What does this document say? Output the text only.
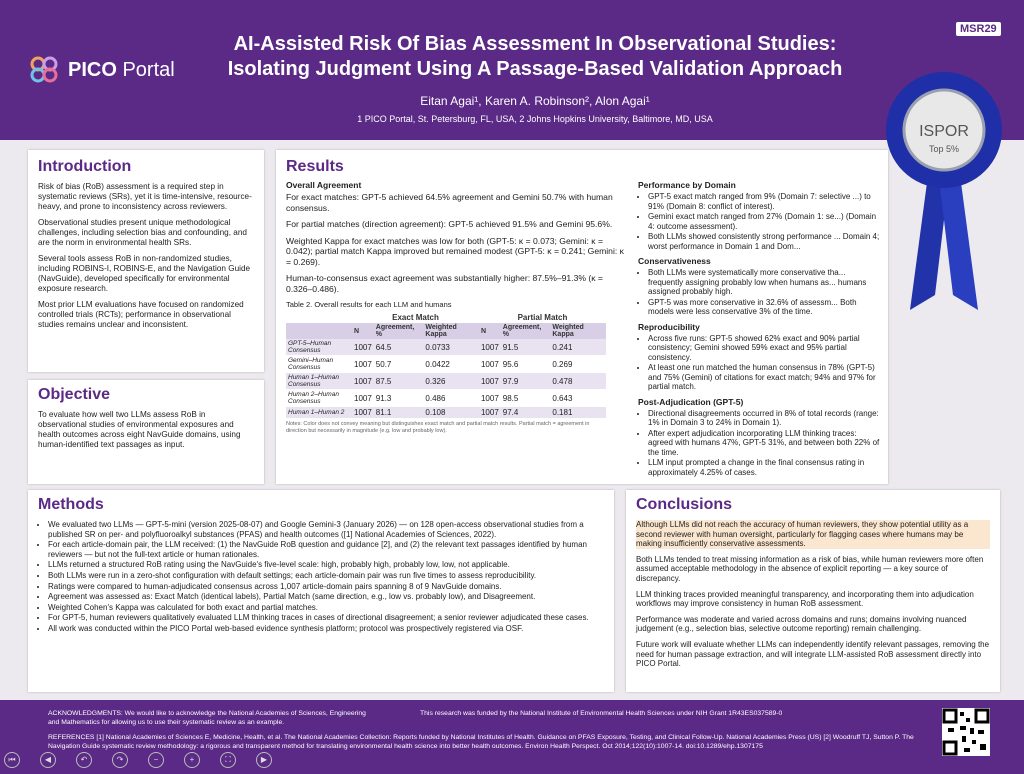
PICO Portal
AI-Assisted Risk Of Bias Assessment In Observational Studies:
Isolating Judgment Using A Passage-Based Validation Approach
Eitan Agai¹, Karen A. Robinson², Alon Agai¹
1 PICO Portal, St. Petersburg, FL, USA, 2 Johns Hopkins University, Baltimore, MD, USA
MSR29
ISPOR
Top 5%
Introduction

Risk of bias (RoB) assessment is a required step in systematic reviews (SRs), yet it is time-intensive, resource-heavy, and prone to inconsistency across reviewers.

Observational studies present unique methodological challenges, including selection bias and confounding, and are the norm in environmental health SRs.

Several tools assess RoB in non-randomized studies, including ROBINS-I, ROBINS-E, and the Navigation Guide (NavGuide), developed specifically for environmental exposure research.

Most prior LLM evaluations have focused on randomized controlled trials (RCTs); performance in observational studies remains unclear and inconsistent.

Objective
To evaluate how well two LLMs assess RoB in observational studies of environmental exposures and health outcomes across eight NavGuide domains, using human-identified text passages as input.
Results
Overall Agreement

For exact matches: GPT-5 achieved 64.5% agreement and Gemini 50.7% with human consensus.

For partial matches (direction agreement): GPT-5 achieved 91.5% and Gemini 95.6%.

Weighted Kappa for exact matches was low for both (GPT-5: κ = 0.073; Gemini: κ = 0.042); partial match Kappa improved but remained modest (GPT-5: κ = 0.241; Gemini: κ = 0.269).

Human-to-consensus exact agreement was substantially higher: 87.5%–91.3% (κ = 0.326–0.486).

Table 2. Overall results for each LLM and humans
	Exact Match			Partial Match		
	N	Agreement, %	Weighted Kappa	N	Agreement, %	Weighted Kappa
GPT-5–Human Consensus	1007	64.5	0.0733	1007	91.5	0.241
Gemini–Human Consensus	1007	50.7	0.0422	1007	95.6	0.269
Human 1–Human Consensus	1007	87.5	0.326	1007	97.9	0.478
Human 2–Human Consensus	1007	91.3	0.486	1007	98.5	0.643
Human 1–Human 2	1007	81.1	0.108	1007	97.4	0.181
Notes: Color does not convey meaning but distinguishes exact match and partial match results. Partial match = agreement in direction but necessarily in magnitude (e.g. low and probably low).
Performance by Domain
• GPT-5 exact match ranged from 9% (Domain 7: selective ...) to 91% (Domain 8: conflict of interest).
• Gemini exact match ranged from 27% (Domain 1: se...) (Domain 4: outcome assessment).
• Both LLMs showed consistently strong performance ... Domain 4; worst performance in Domain 1 and Dom...
Conservativeness
• Both LLMs were systematically more conservative tha... frequently assigning probably low when humans as... humans assigned probably high.
• GPT-5 was more conservative in 32.6% of assessm... Both models were less conservative 3% of the time.
Reproducibility
• Across five runs: GPT-5 showed 62% exact and 90% partial consistency; Gemini showed 59% exact and 95% partial consistency.
• At least one run matched the human consensus in 78% (GPT-5) and 75% (Gemini) of citations for exact match; 94% and 97% for partial match.
Post-Adjudication (GPT-5)
• Directional disagreements occurred in 8% of total records (range: 1% in Domain 3 to 24% in Domain 1).
• After expert adjudication incorporating LLM thinking traces: agreed with humans 47%, GPT-5 31%, and between both 22% of the time.
• LLM input prompted a change in the final consensus rating in approximately 4.25% of cases.
Methods
• We evaluated two LLMs — GPT-5-mini (version 2025-08-07) and Google Gemini-3 (January 2026) — on 128 open-access observational studies from a published SR on per- and polyfluoroalkyl substances (PFAS) and health outcomes ([1] National Academies of Sciences, 2022).
• For each article-domain pair, the LLM received: (1) the NavGuide RoB question and guidance [2], and (2) the relevant text passages identified by human reviewers — but not the full-text article or human rationales.
• LLMs returned a structured RoB rating using the NavGuide's five-level scale: high, probably high, probably low, low, not applicable.
• Both LLMs were run in a zero-shot configuration with default settings; each article-domain pair was run five times to assess reproducibility.
• Ratings were compared to human-adjudicated consensus across 1,007 article-domain pairs spanning 8 of 9 NavGuide domains.
• Agreement was assessed as: Exact Match (identical labels), Partial Match (same direction, e.g., low vs. probably low), and Disagreement.
• Weighted Cohen's Kappa was calculated for both exact and partial matches.
• For GPT-5, human reviewers qualitatively evaluated LLM thinking traces in cases of directional disagreement; a senior reviewer adjudicated these cases.
• All work was conducted within the PICO Portal web-based evidence synthesis platform; protocol was prospectively registered via OSF.
Conclusions

Although LLMs did not reach the accuracy of human reviewers, they show potential utility as a second reviewer with human oversight, particularly for flagging cases where humans may be making insufficiently conservative assessments.

Both LLMs tended to treat missing information as a risk of bias, while human reviewers more often assumed acceptable methodology in the absence of explicit reporting — a key source of discrepancy.

LLM thinking traces provided meaningful transparency, and incorporating them into adjudication workflows may improve consistency in human RoB assessment.

Performance was moderate and varied across domains and runs; domains involving nuanced judgement (e.g., selection bias, selective outcome reporting) remain challenging.

Future work will evaluate whether LLMs can independently identify relevant passages, removing the need for human passage extraction, and will integrate LLM-assisted RoB assessment directly into PICO Portal.

ACKNOWLEDGMENTS: We would like to acknowledge the National Academies of Sciences, Engineering and Mathematics for allowing us to use their systematic review as an example.
This research was funded by the National Institute of Environmental Health Sciences under NIH Grant 1R43ES037589-0
REFERENCES [1] National Academies of Sciences E, Medicine, Health, et al. The National Academies Collection: Reports funded by National Institutes of Health. Guidance on PFAS Exposure, Testing, and Clinical Follow-Up. National Academies Press (US) [2] Woodruff TJ, Sutton P. The Navigation Guide systematic review methodology: a rigorous and transparent method for translating environmental health science into better health outcomes. Environ Health Perspect. Oct 2014;122(10):1007-14. doi:10.1289/ehp.1307175
⏮	◀	↶	↷	−	+	⛶	▶
